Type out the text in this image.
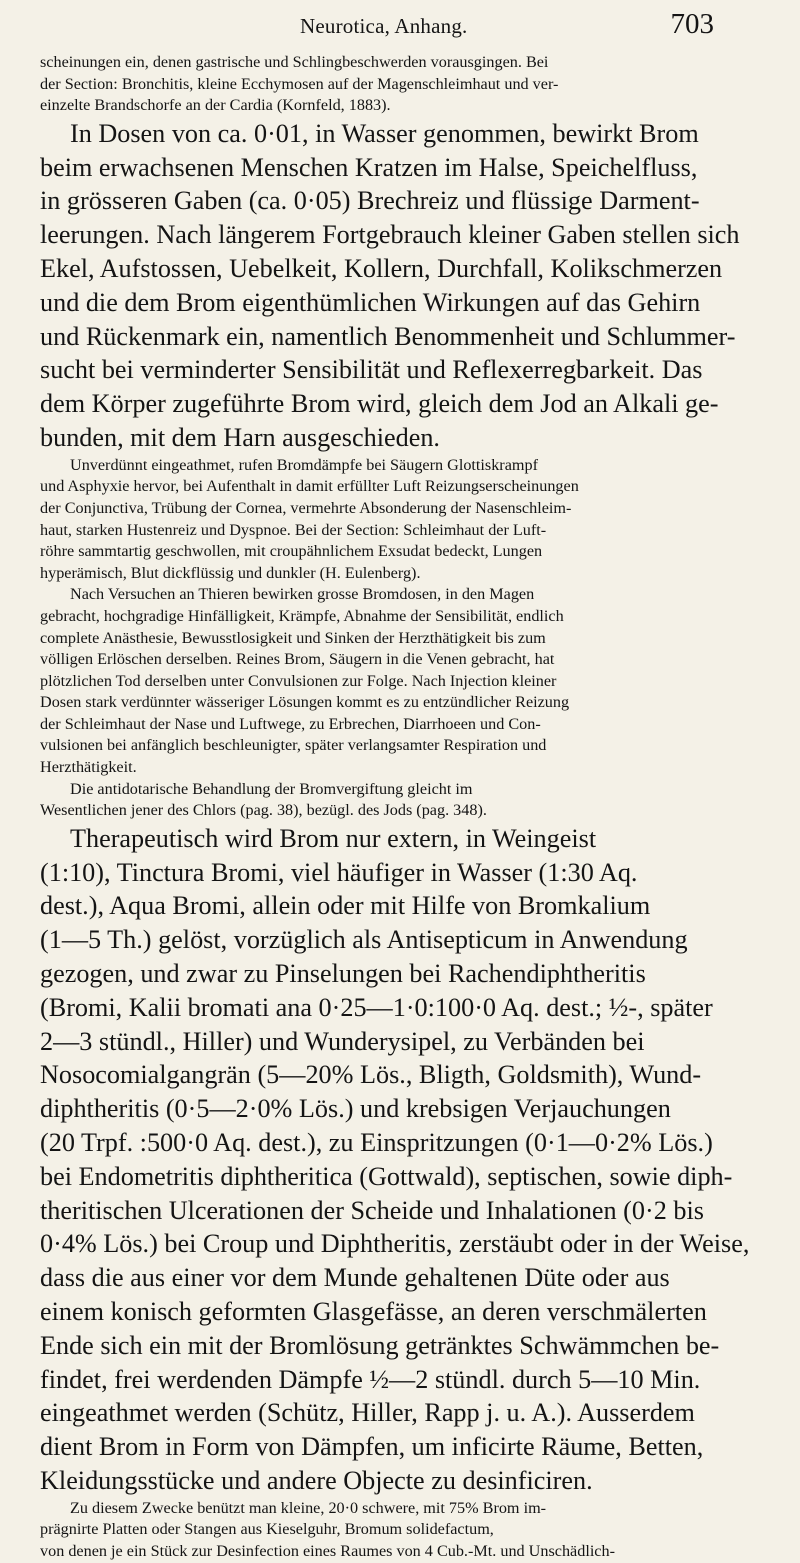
Neurotica, Anhang.	703
scheinungen ein, denen gastrische und Schlingbeschwerden vorausgingen. Bei
der Section: Bronchitis, kleine Ecchymosen auf der Magenschleimhaut und ver-
einzelte Brandschorfe an der Cardia (Kornfeld, 1883).
In Dosen von ca. 0·01, in Wasser genommen, bewirkt Brom
beim erwachsenen Menschen Kratzen im Halse, Speichelfluss,
in grösseren Gaben (ca. 0·05) Brechreiz und flüssige Darment-
leerungen. Nach längerem Fortgebrauch kleiner Gaben stellen sich
Ekel, Aufstossen, Uebelkeit, Kollern, Durchfall, Kolikschmerzen
und die dem Brom eigenthümlichen Wirkungen auf das Gehirn
und Rückenmark ein, namentlich Benommenheit und Schlummer-
sucht bei verminderter Sensibilität und Reflexerregbarkeit. Das
dem Körper zugeführte Brom wird, gleich dem Jod an Alkali ge-
bunden, mit dem Harn ausgeschieden.
Unverdünnt eingeathmet, rufen Bromdämpfe bei Säugern Glottiskrampf
und Asphyxie hervor, bei Aufenthalt in damit erfüllter Luft Reizungserscheinungen
der Conjunctiva, Trübung der Cornea, vermehrte Absonderung der Nasenschleim-
haut, starken Hustenreiz und Dyspnoe. Bei der Section: Schleimhaut der Luft-
röhre sammtartig geschwollen, mit croupähnlichem Exsudat bedeckt, Lungen
hyperämisch, Blut dickflüssig und dunkler (H. Eulenberg).
Nach Versuchen an Thieren bewirken grosse Bromdosen, in den Magen
gebracht, hochgradige Hinfälligkeit, Krämpfe, Abnahme der Sensibilität, endlich
complete Anästhesie, Bewusstlosigkeit und Sinken der Herzthätigkeit bis zum
völligen Erlöschen derselben. Reines Brom, Säugern in die Venen gebracht, hat
plötzlichen Tod derselben unter Convulsionen zur Folge. Nach Injection kleiner
Dosen stark verdünnter wässeriger Lösungen kommt es zu entzündlicher Reizung
der Schleimhaut der Nase und Luftwege, zu Erbrechen, Diarrhoeen und Con-
vulsionen bei anfänglich beschleunigter, später verlangsamter Respiration und
Herzthätigkeit.
Die antidotarische Behandlung der Bromvergiftung gleicht im
Wesentlichen jener des Chlors (pag. 38), bezügl. des Jods (pag. 348).
Therapeutisch wird Brom nur extern, in Weingeist
(1:10), Tinctura Bromi, viel häufiger in Wasser (1:30 Aq.
dest.), Aqua Bromi, allein oder mit Hilfe von Bromkalium
(1—5 Th.) gelöst, vorzüglich als Antisepticum in Anwendung
gezogen, und zwar zu Pinselungen bei Rachendiphtheritis
(Bromi, Kalii bromati ana 0·25—1·0:100·0 Aq. dest.; ½-, später
2—3 stündl., Hiller) und Wunderysipel, zu Verbänden bei
Nosocomialgangrän (5—20% Lös., Bligth, Goldsmith), Wund-
diphtheritis (0·5—2·0% Lös.) und krebsigen Verjauchungen
(20 Trpf. :500·0 Aq. dest.), zu Einspritzungen (0·1—0·2% Lös.)
bei Endometritis diphtheritica (Gottwald), septischen, sowie diph-
theritischen Ulcerationen der Scheide und Inhalationen (0·2 bis
0·4% Lös.) bei Croup und Diphtheritis, zerstäubt oder in der Weise,
dass die aus einer vor dem Munde gehaltenen Düte oder aus
einem konisch geformten Glasgefässe, an deren verschmälerten
Ende sich ein mit der Bromlösung getränktes Schwämmchen be-
findet, frei werdenden Dämpfe ½—2 stündl. durch 5—10 Min.
eingeathmet werden (Schütz, Hiller, Rapp j. u. A.). Ausserdem
dient Brom in Form von Dämpfen, um inficirte Räume, Betten,
Kleidungsstücke und andere Objecte zu desinficiren.
Zu diesem Zwecke benützt man kleine, 20·0 schwere, mit 75% Brom im-
prägnirte Platten oder Stangen aus Kieselguhr, Bromum solidefactum,
von denen je ein Stück zur Desinfection eines Raumes von 4 Cub.-Mt. und Unschädlich-
